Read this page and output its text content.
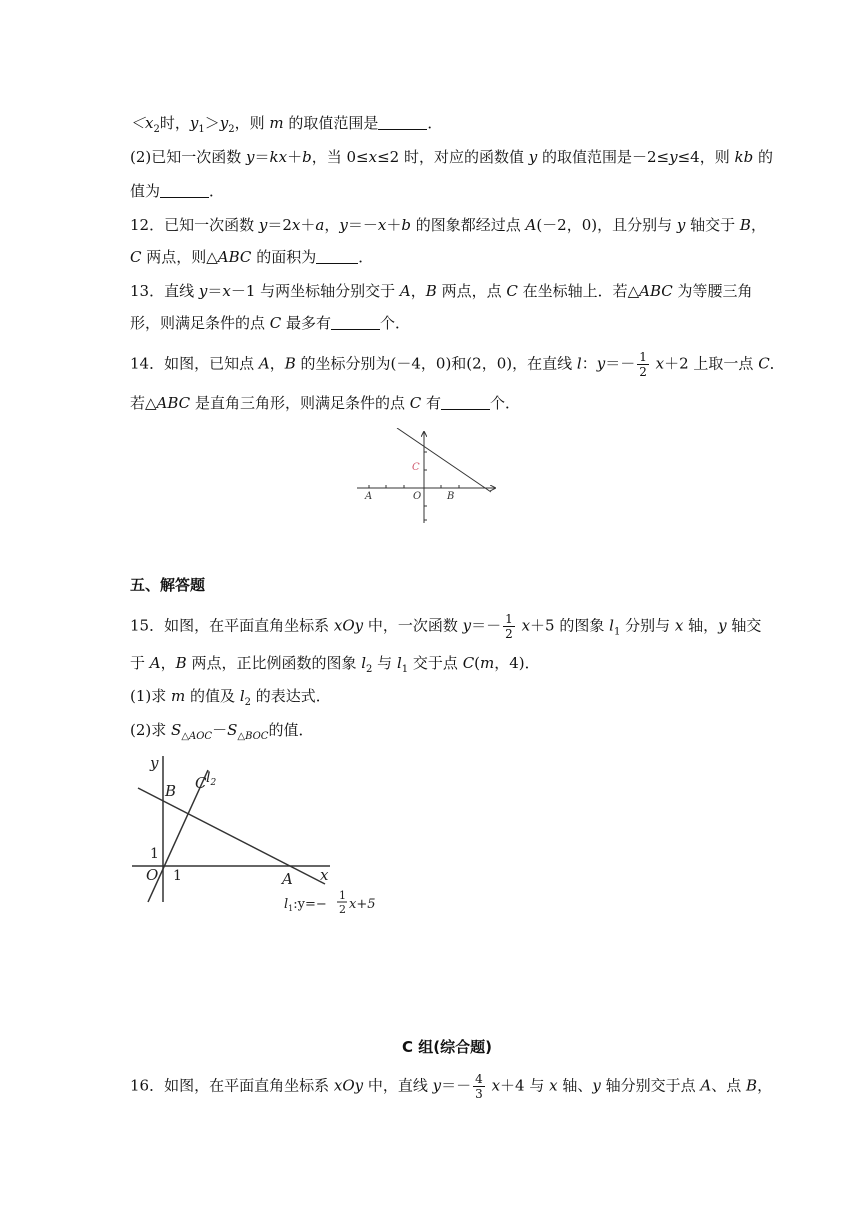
$<x_2$时，$y_1>y_2$，则 m 的取值范围是	．
(2)已知一次函数 y＝kx＋b，当 0≤x≤2 时，对应的函数值 y 的取值范围是－2≤y≤4，则 kb 的
值为	．
12．已知一次函数 y＝2x＋a，y＝－x＋b 的图象都经过点 A(－2，0)，且分别与 y 轴交于 B，
C 两点，则△ABC 的面积为	．
13．直线 y＝x－1 与两坐标轴分别交于 A，B 两点，点 C 在坐标轴上．若△ABC 为等腰三角
形，则满足条件的点 C 最多有	个．
14．如图，已知点 A，B 的坐标分别为(－4，0)和(2，0)，在直线 l：$y=- \frac{1}{2} x+2$ 上取一点 C．
若△ABC 是直角三角形，则满足条件的点 C 有	个．
A	O	B
C
五、解答题
15．如图，在平面直角坐标系 xOy 中，一次函数 $y=- \frac{1}{2} x+5$ 的图象 $l_1$ 分别与 x 轴，y 轴交
于 A，B 两点，正比例函数的图象 $l_2$ 与 $l_1$ 交于点 C(m，4)．
(1)求 m 的值及 $l_2$ 的表达式．
(2)求 $S_{\triangle AOC}-S_{\triangle BOC}$的值．
y
B C
1
O 1	A x
$l_2$
$l_1:y=-$
1
2 x+5
C 组(综合题)
16．如图，在平面直角坐标系 xOy 中，直线 $y=- \frac{4}{3} x+4$ 与 x 轴、y 轴分别交于点 A、点 B，
